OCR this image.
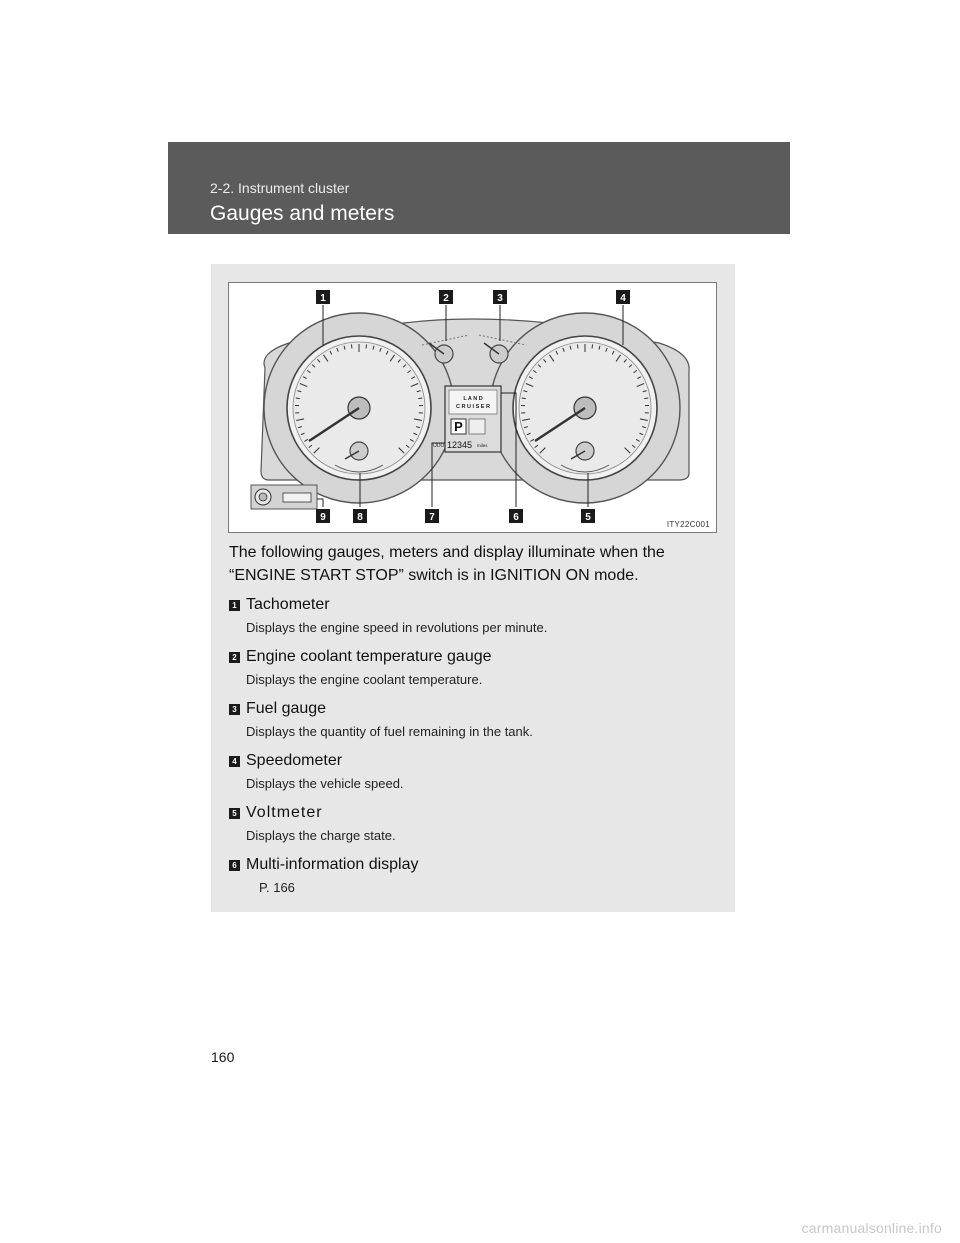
2-2. Instrument cluster
Gauges and meters
L A N D
C R U I S E R
P
ODO 12345 miles
1	2	3	4
5
6
7
8
9
ITY22C001
The following gauges, meters and display illuminate when the “ENGINE START STOP” switch is in IGNITION ON mode.
1 Tachometer
Displays the engine speed in revolutions per minute.
2 Engine coolant temperature gauge
Displays the engine coolant temperature.
3 Fuel gauge
Displays the quantity of fuel remaining in the tank.
4 Speedometer
Displays the vehicle speed.
5 Voltmeter
Displays the charge state.
6 Multi-information display
P. 166
160
carmanualsonline.info
